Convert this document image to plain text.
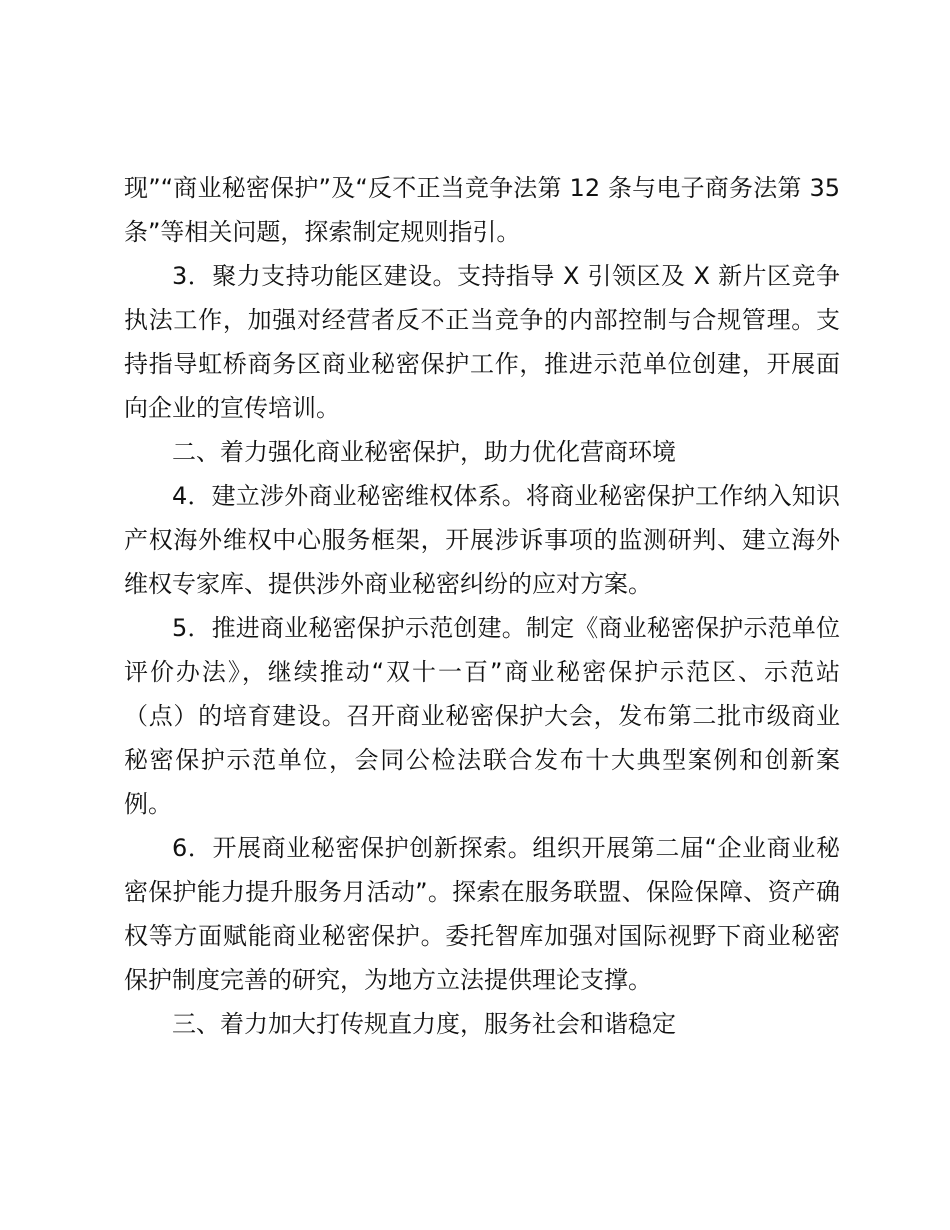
现”“商业秘密保护”及“反不正当竞争法第 12 条与电子商务法第 35 条”等相关问题，探索制定规则指引。

3．聚力支持功能区建设。支持指导 X 引领区及 X 新片区竞争执法工作，加强对经营者反不正当竞争的内部控制与合规管理。支持指导虹桥商务区商业秘密保护工作，推进示范单位创建，开展面向企业的宣传培训。

二、着力强化商业秘密保护，助力优化营商环境

4．建立涉外商业秘密维权体系。将商业秘密保护工作纳入知识产权海外维权中心服务框架，开展涉诉事项的监测研判、建立海外维权专家库、提供涉外商业秘密纠纷的应对方案。

5．推进商业秘密保护示范创建。制定《商业秘密保护示范单位评价办法》，继续推动“双十一百”商业秘密保护示范区、示范站（点）的培育建设。召开商业秘密保护大会，发布第二批市级商业秘密保护示范单位，会同公检法联合发布十大典型案例和创新案例。

6．开展商业秘密保护创新探索。组织开展第二届“企业商业秘密保护能力提升服务月活动”。探索在服务联盟、保险保障、资产确权等方面赋能商业秘密保护。委托智库加强对国际视野下商业秘密保护制度完善的研究，为地方立法提供理论支撑。

三、着力加大打传规直力度，服务社会和谐稳定
